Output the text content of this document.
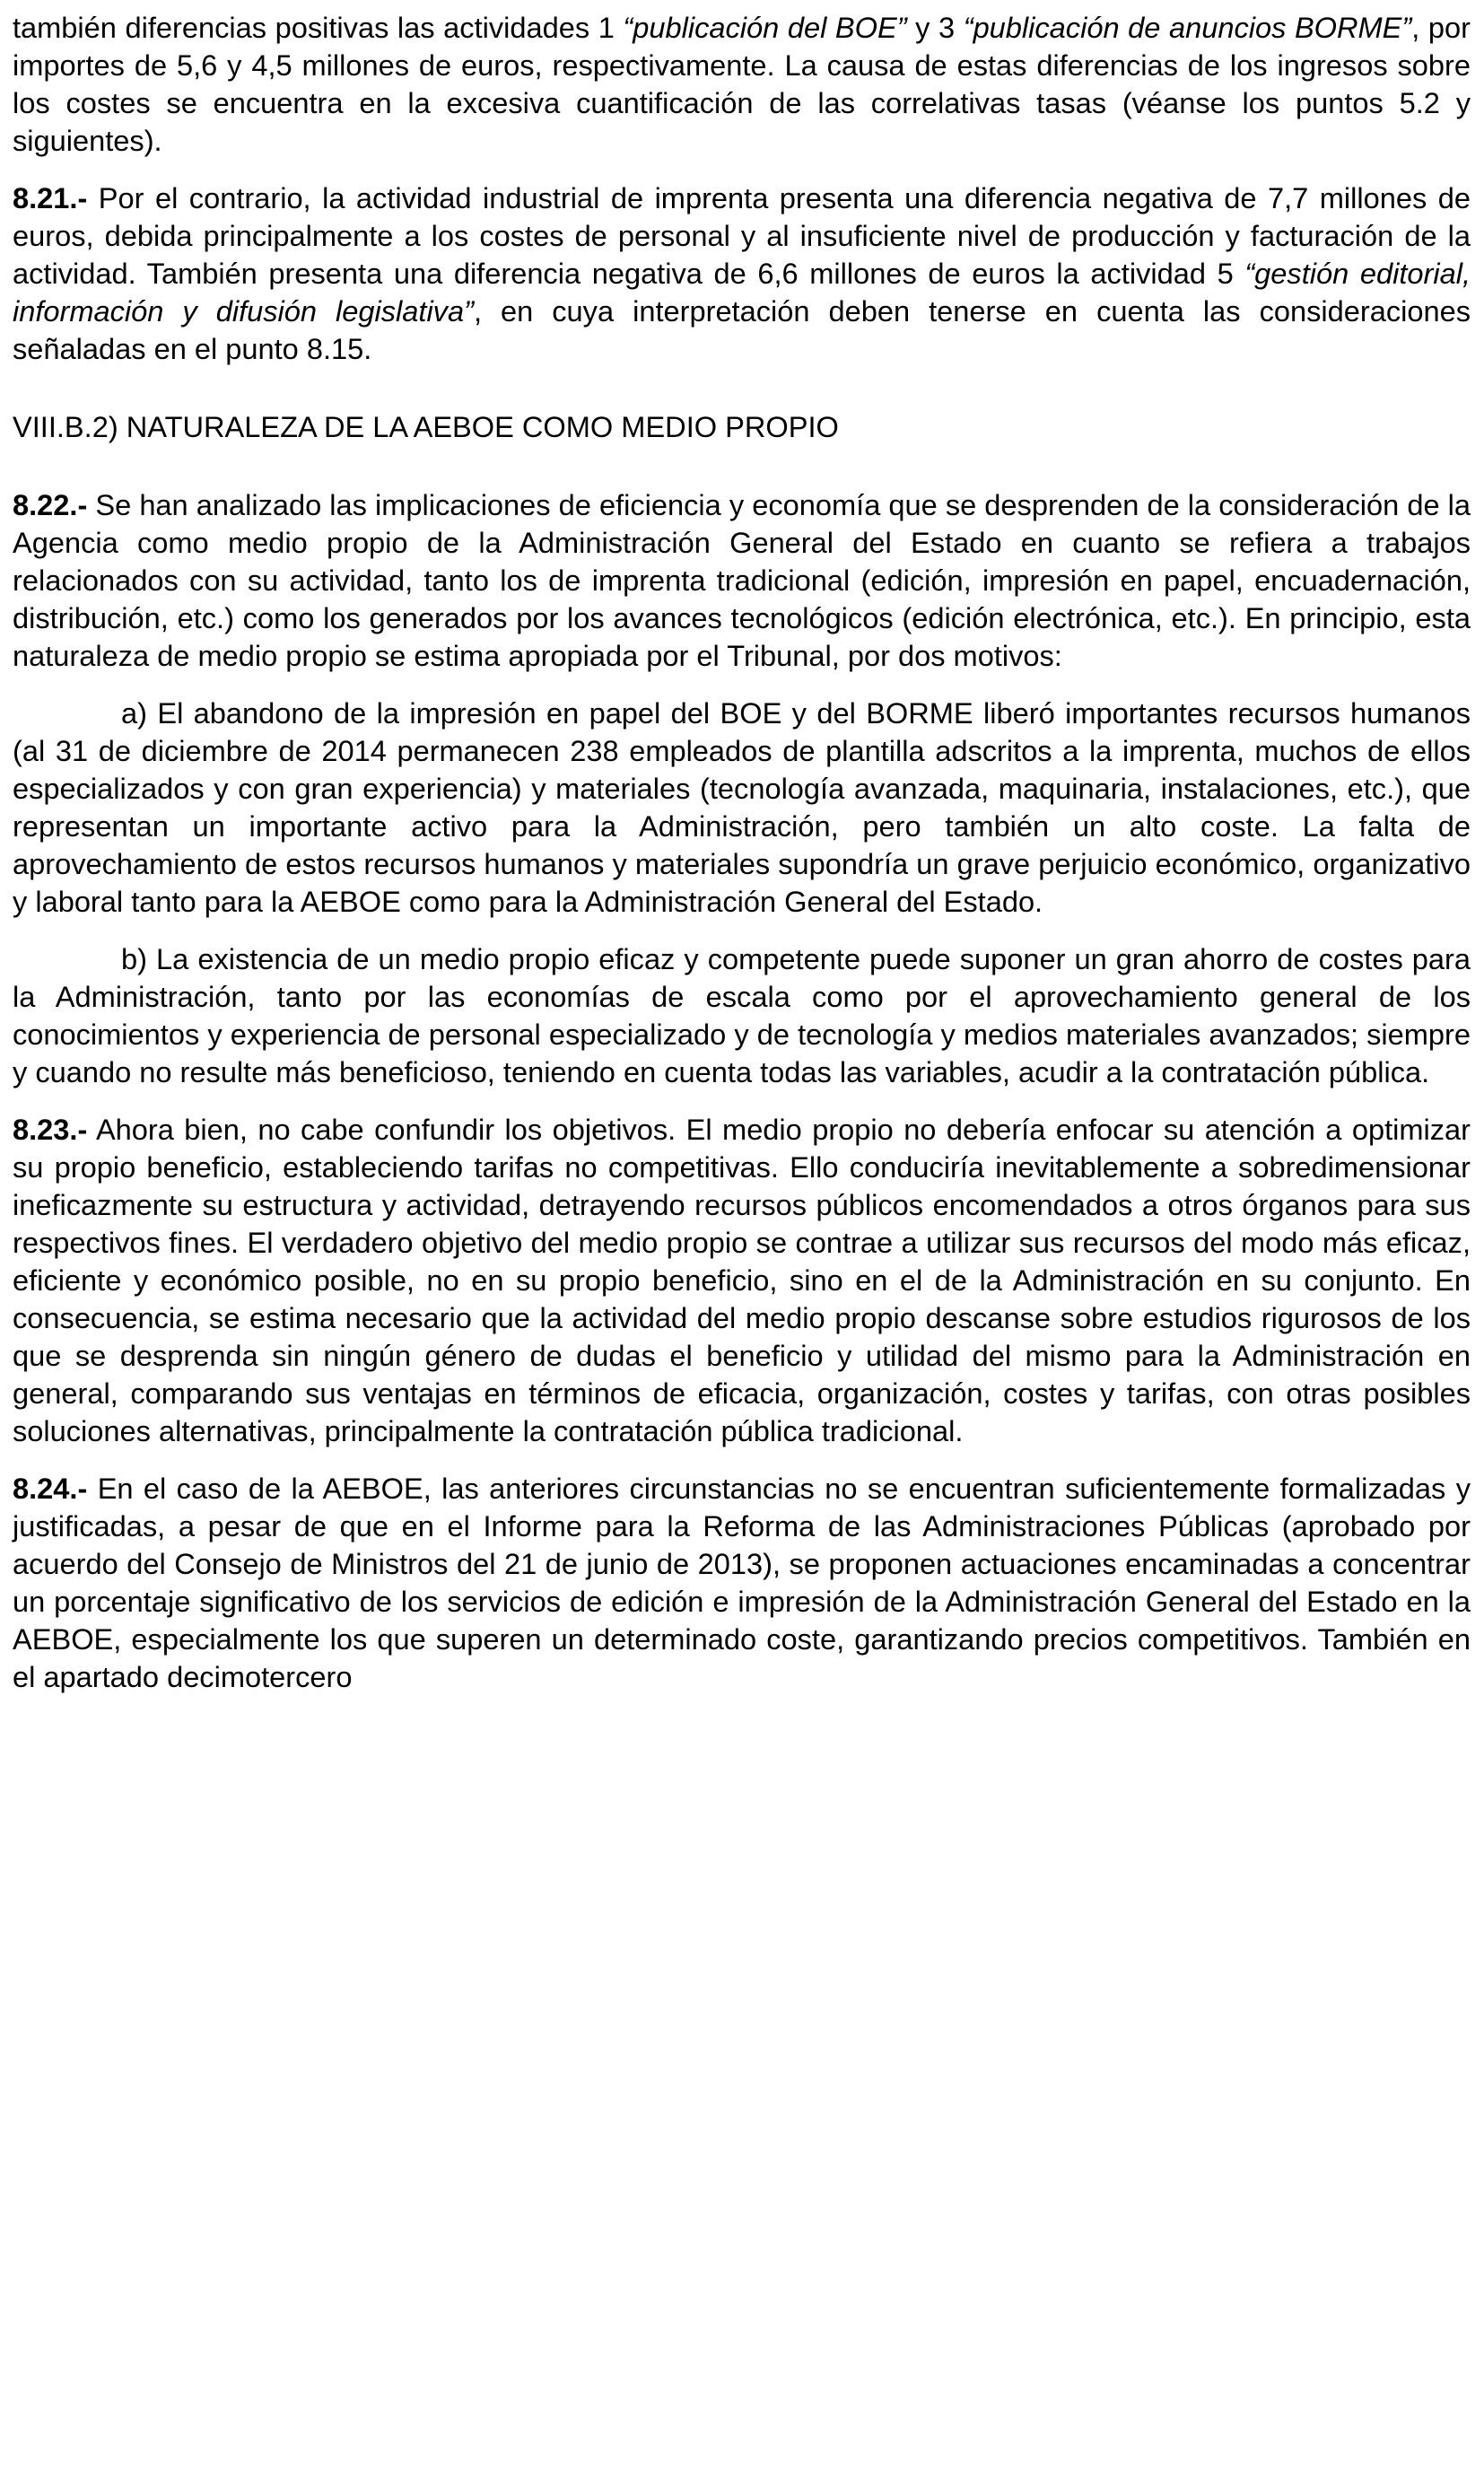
también diferencias positivas las actividades 1 “publicación del BOE” y 3 “publicación de anuncios BORME”, por importes de 5,6 y 4,5 millones de euros, respectivamente. La causa de estas diferencias de los ingresos sobre los costes se encuentra en la excesiva cuantificación de las correlativas tasas (véanse los puntos 5.2 y siguientes).

8.21.- Por el contrario, la actividad industrial de imprenta presenta una diferencia negativa de 7,7 millones de euros, debida principalmente a los costes de personal y al insuficiente nivel de producción y facturación de la actividad. También presenta una diferencia negativa de 6,6 millones de euros la actividad 5 “gestión editorial, información y difusión legislativa”, en cuya interpretación deben tenerse en cuenta las consideraciones señaladas en el punto 8.15.

VIII.B.2) NATURALEZA DE LA AEBOE COMO MEDIO PROPIO

8.22.- Se han analizado las implicaciones de eficiencia y economía que se desprenden de la consideración de la Agencia como medio propio de la Administración General del Estado en cuanto se refiera a trabajos relacionados con su actividad, tanto los de imprenta tradicional (edición, impresión en papel, encuadernación, distribución, etc.) como los generados por los avances tecnológicos (edición electrónica, etc.). En principio, esta naturaleza de medio propio se estima apropiada por el Tribunal, por dos motivos:

a) El abandono de la impresión en papel del BOE y del BORME liberó importantes recursos humanos (al 31 de diciembre de 2014 permanecen 238 empleados de plantilla adscritos a la imprenta, muchos de ellos especializados y con gran experiencia) y materiales (tecnología avanzada, maquinaria, instalaciones, etc.), que representan un importante activo para la Administración, pero también un alto coste. La falta de aprovechamiento de estos recursos humanos y materiales supondría un grave perjuicio económico, organizativo y laboral tanto para la AEBOE como para la Administración General del Estado.

b) La existencia de un medio propio eficaz y competente puede suponer un gran ahorro de costes para la Administración, tanto por las economías de escala como por el aprovechamiento general de los conocimientos y experiencia de personal especializado y de tecnología y medios materiales avanzados; siempre y cuando no resulte más beneficioso, teniendo en cuenta todas las variables, acudir a la contratación pública.

8.23.- Ahora bien, no cabe confundir los objetivos. El medio propio no debería enfocar su atención a optimizar su propio beneficio, estableciendo tarifas no competitivas. Ello conduciría inevitablemente a sobredimensionar ineficazmente su estructura y actividad, detrayendo recursos públicos encomendados a otros órganos para sus respectivos fines. El verdadero objetivo del medio propio se contrae a utilizar sus recursos del modo más eficaz, eficiente y económico posible, no en su propio beneficio, sino en el de la Administración en su conjunto. En consecuencia, se estima necesario que la actividad del medio propio descanse sobre estudios rigurosos de los que se desprenda sin ningún género de dudas el beneficio y utilidad del mismo para la Administración en general, comparando sus ventajas en términos de eficacia, organización, costes y tarifas, con otras posibles soluciones alternativas, principalmente la contratación pública tradicional.

8.24.- En el caso de la AEBOE, las anteriores circunstancias no se encuentran suficientemente formalizadas y justificadas, a pesar de que en el Informe para la Reforma de las Administraciones Públicas (aprobado por acuerdo del Consejo de Ministros del 21 de junio de 2013), se proponen actuaciones encaminadas a concentrar un porcentaje significativo de los servicios de edición e impresión de la Administración General del Estado en la AEBOE, especialmente los que superen un determinado coste, garantizando precios competitivos. También en el apartado decimotercero
